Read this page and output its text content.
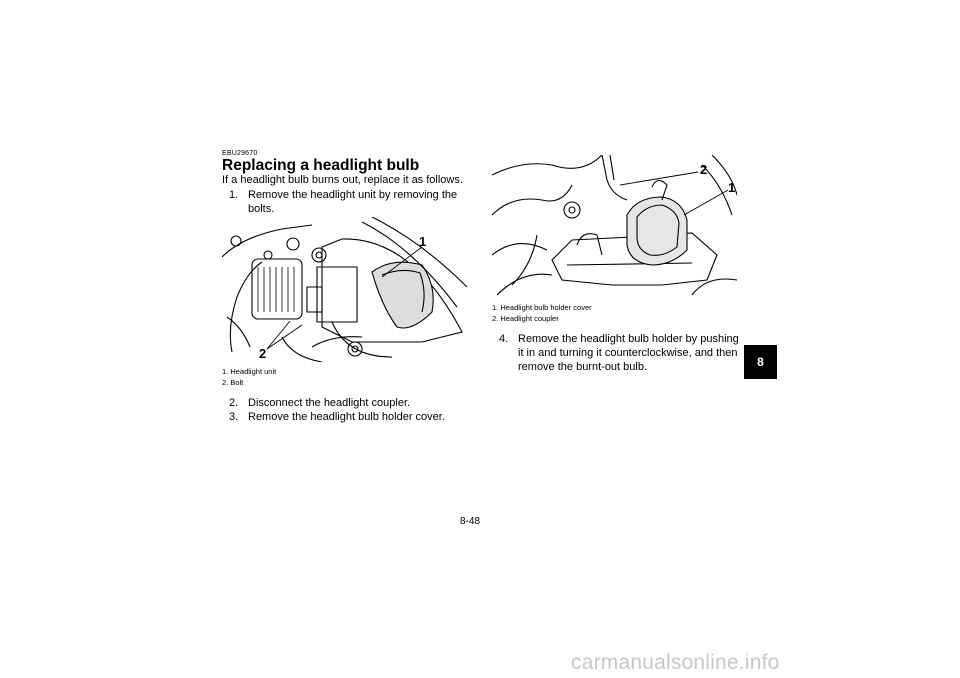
EBU29670
Replacing a headlight bulb
If a headlight bulb burns out, replace it as follows.
1. Remove the headlight unit by removing the
bolts.
1
2
1. Headlight unit
2. Bolt
2. Disconnect the headlight coupler.
3. Remove the headlight bulb holder cover.
2
1
1. Headlight bulb holder cover
2. Headlight coupler
4. Remove the headlight bulb holder by pushing
it in and turning it counterclockwise, and then
remove the burnt-out bulb.	8
8-48
carmanualsonline.info
